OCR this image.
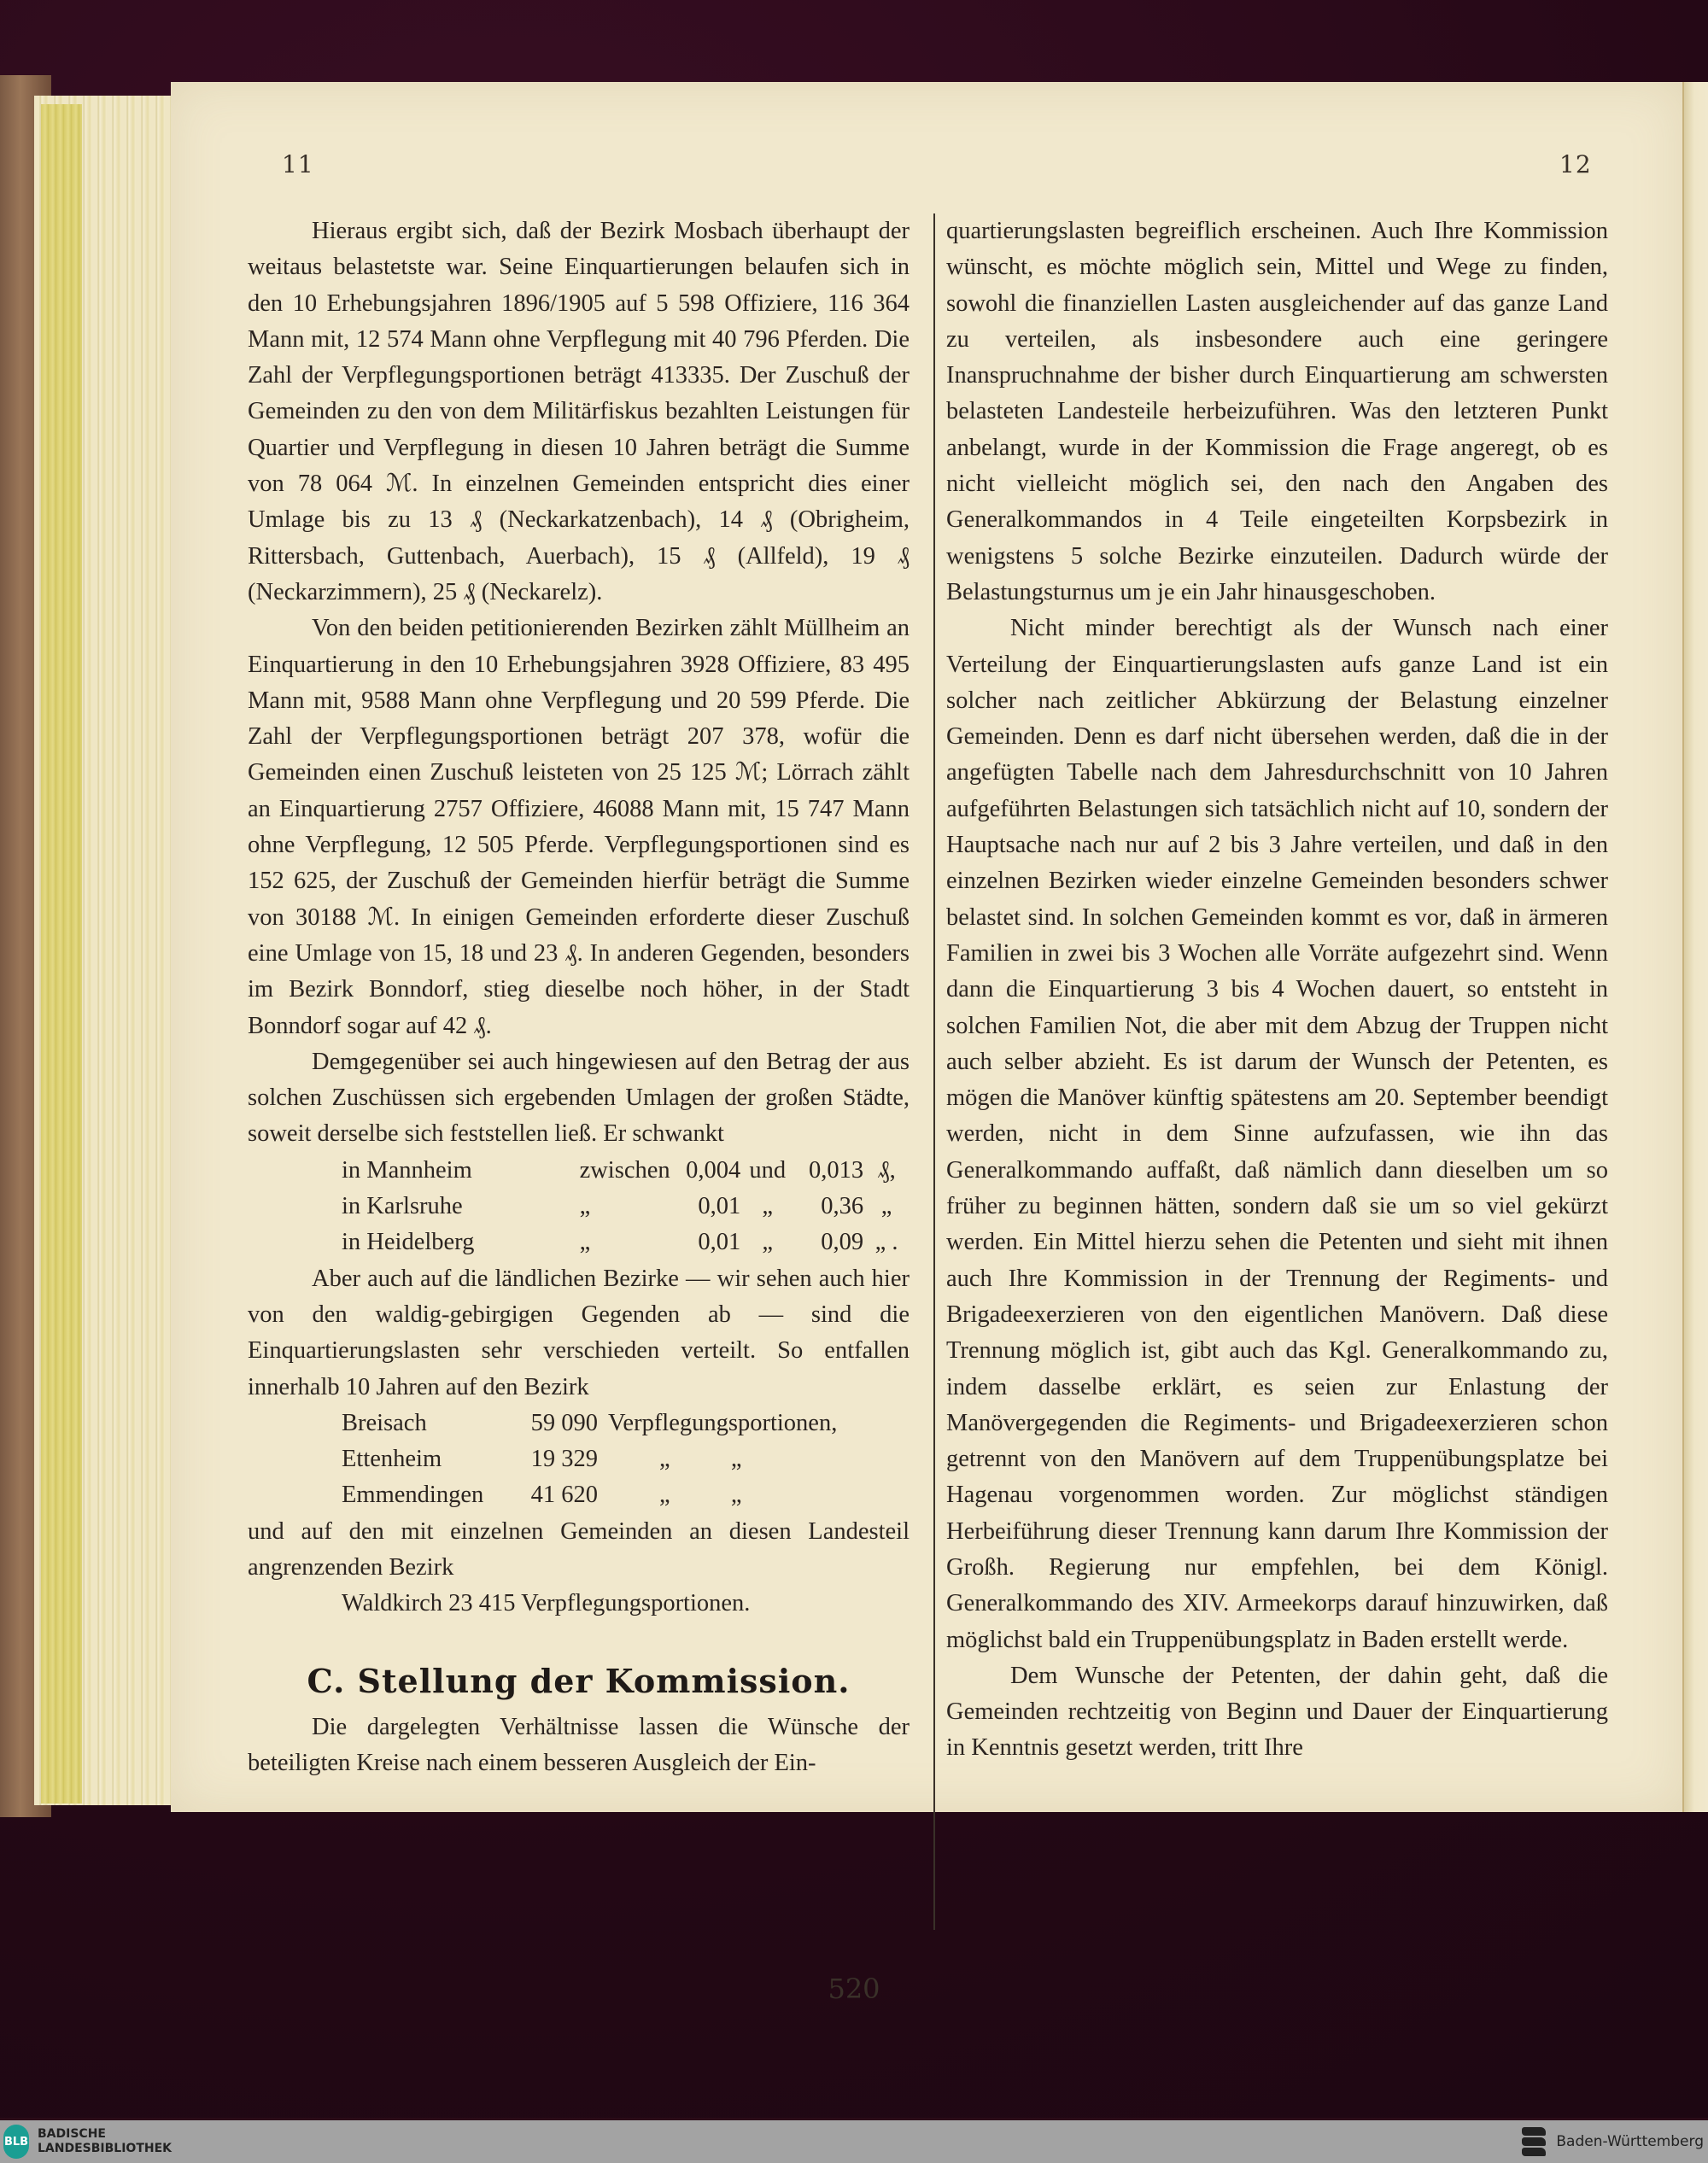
11	12

Hieraus ergibt sich, daß der Bezirk Mosbach überhaupt der weitaus belastetste war. Seine Einquartierungen belaufen sich in den 10 Erhebungsjahren 1896/1905 auf 5 598 Offiziere, 116 364 Mann mit, 12 574 Mann ohne Verpflegung mit 40 796 Pferden. Die Zahl der Verpflegungsportionen beträgt 413335. Der Zuschuß der Gemeinden zu den von dem Militärfiskus bezahlten Leistungen für Quartier und Verpflegung in diesen 10 Jahren beträgt die Summe von 78 064 ℳ. In einzelnen Gemeinden entspricht dies einer Umlage bis zu 13 ₰ (Neckarkatzenbach), 14 ₰ (Obrigheim, Rittersbach, Guttenbach, Auerbach), 15 ₰ (Allfeld), 19 ₰ (Neckarzimmern), 25 ₰ (Neckarelz).

Von den beiden petitionierenden Bezirken zählt Müllheim an Einquartierung in den 10 Erhebungsjahren 3928 Offiziere, 83 495 Mann mit, 9588 Mann ohne Verpflegung und 20 599 Pferde. Die Zahl der Verpflegungsportionen beträgt 207 378, wofür die Gemeinden einen Zuschuß leisteten von 25 125 ℳ; Lörrach zählt an Einquartierung 2757 Offiziere, 46088 Mann mit, 15 747 Mann ohne Verpflegung, 12 505 Pferde. Verpflegungsportionen sind es 152 625, der Zuschuß der Gemeinden hierfür beträgt die Summe von 30188 ℳ. In einigen Gemeinden erforderte dieser Zuschuß eine Umlage von 15, 18 und 23 ₰. In anderen Gegenden, besonders im Bezirk Bonndorf, stieg dieselbe noch höher, in der Stadt Bonndorf sogar auf 42 ₰.

Demgegenüber sei auch hingewiesen auf den Betrag der aus solchen Zuschüssen sich ergebenden Umlagen der großen Städte, soweit derselbe sich feststellen ließ. Er schwankt

in Mannheim	zwischen 0,004 und 0,013 ₰,
in Karlsruhe	„	0,01 „	0,36 „
in Heidelberg	„	0,01 „	0,09 „ .

Aber auch auf die ländlichen Bezirke — wir sehen auch hier von den waldig-gebirgigen Gegenden ab — sind die Einquartierungslasten sehr verschieden verteilt. So entfallen innerhalb 10 Jahren auf den Bezirk

Breisach	59 090 Verpflegungsportionen,
Ettenheim	19 329	„          „
Emmendingen	41 620	„          „

und auf den mit einzelnen Gemeinden an diesen Landesteil angrenzenden Bezirk

Waldkirch 23 415 Verpflegungsportionen.

C. Stellung der Kommission.

Die dargelegten Verhältnisse lassen die Wünsche der beteiligten Kreise nach einem besseren Ausgleich der Ein-

quartierungslasten begreiflich erscheinen. Auch Ihre Kommission wünscht, es möchte möglich sein, Mittel und Wege zu finden, sowohl die finanziellen Lasten ausgleichender auf das ganze Land zu verteilen, als insbesondere auch eine geringere Inanspruchnahme der bisher durch Einquartierung am schwersten belasteten Landesteile herbeizuführen. Was den letzteren Punkt anbelangt, wurde in der Kommission die Frage angeregt, ob es nicht vielleicht möglich sei, den nach den Angaben des Generalkommandos in 4 Teile eingeteilten Korpsbezirk in wenigstens 5 solche Bezirke einzuteilen. Dadurch würde der Belastungsturnus um je ein Jahr hinausgeschoben.

Nicht minder berechtigt als der Wunsch nach einer Verteilung der Einquartierungslasten aufs ganze Land ist ein solcher nach zeitlicher Abkürzung der Belastung einzelner Gemeinden. Denn es darf nicht übersehen werden, daß die in der angefügten Tabelle nach dem Jahresdurchschnitt von 10 Jahren aufgeführten Belastungen sich tatsächlich nicht auf 10, sondern der Hauptsache nach nur auf 2 bis 3 Jahre verteilen, und daß in den einzelnen Bezirken wieder einzelne Gemeinden besonders schwer belastet sind. In solchen Gemeinden kommt es vor, daß in ärmeren Familien in zwei bis 3 Wochen alle Vorräte aufgezehrt sind. Wenn dann die Einquartierung 3 bis 4 Wochen dauert, so entsteht in solchen Familien Not, die aber mit dem Abzug der Truppen nicht auch selber abzieht. Es ist darum der Wunsch der Petenten, es mögen die Manöver künftig spätestens am 20. September beendigt werden, nicht in dem Sinne aufzufassen, wie ihn das Generalkommando auffaßt, daß nämlich dann dieselben um so früher zu beginnen hätten, sondern daß sie um so viel gekürzt werden. Ein Mittel hierzu sehen die Petenten und sieht mit ihnen auch Ihre Kommission in der Trennung der Regiments- und Brigadeexerzieren von den eigentlichen Manövern. Daß diese Trennung möglich ist, gibt auch das Kgl. Generalkommando zu, indem dasselbe erklärt, es seien zur Enlastung der Manövergegenden die Regiments- und Brigadeexerzieren schon getrennt von den Manövern auf dem Truppenübungsplatze bei Hagenau vorgenommen worden. Zur möglichst ständigen Herbeiführung dieser Trennung kann darum Ihre Kommission der Großh. Regierung nur empfehlen, bei dem Königl. Generalkommando des XIV. Armeekorps darauf hinzuwirken, daß möglichst bald ein Truppenübungsplatz in Baden erstellt werde.

Dem Wunsche der Petenten, der dahin geht, daß die Gemeinden rechtzeitig von Beginn und Dauer der Einquartierung in Kenntnis gesetzt werden, tritt Ihre

520
BLB
BADISCHE
LANDESBIBLIOTHEK	Baden-Württemberg
